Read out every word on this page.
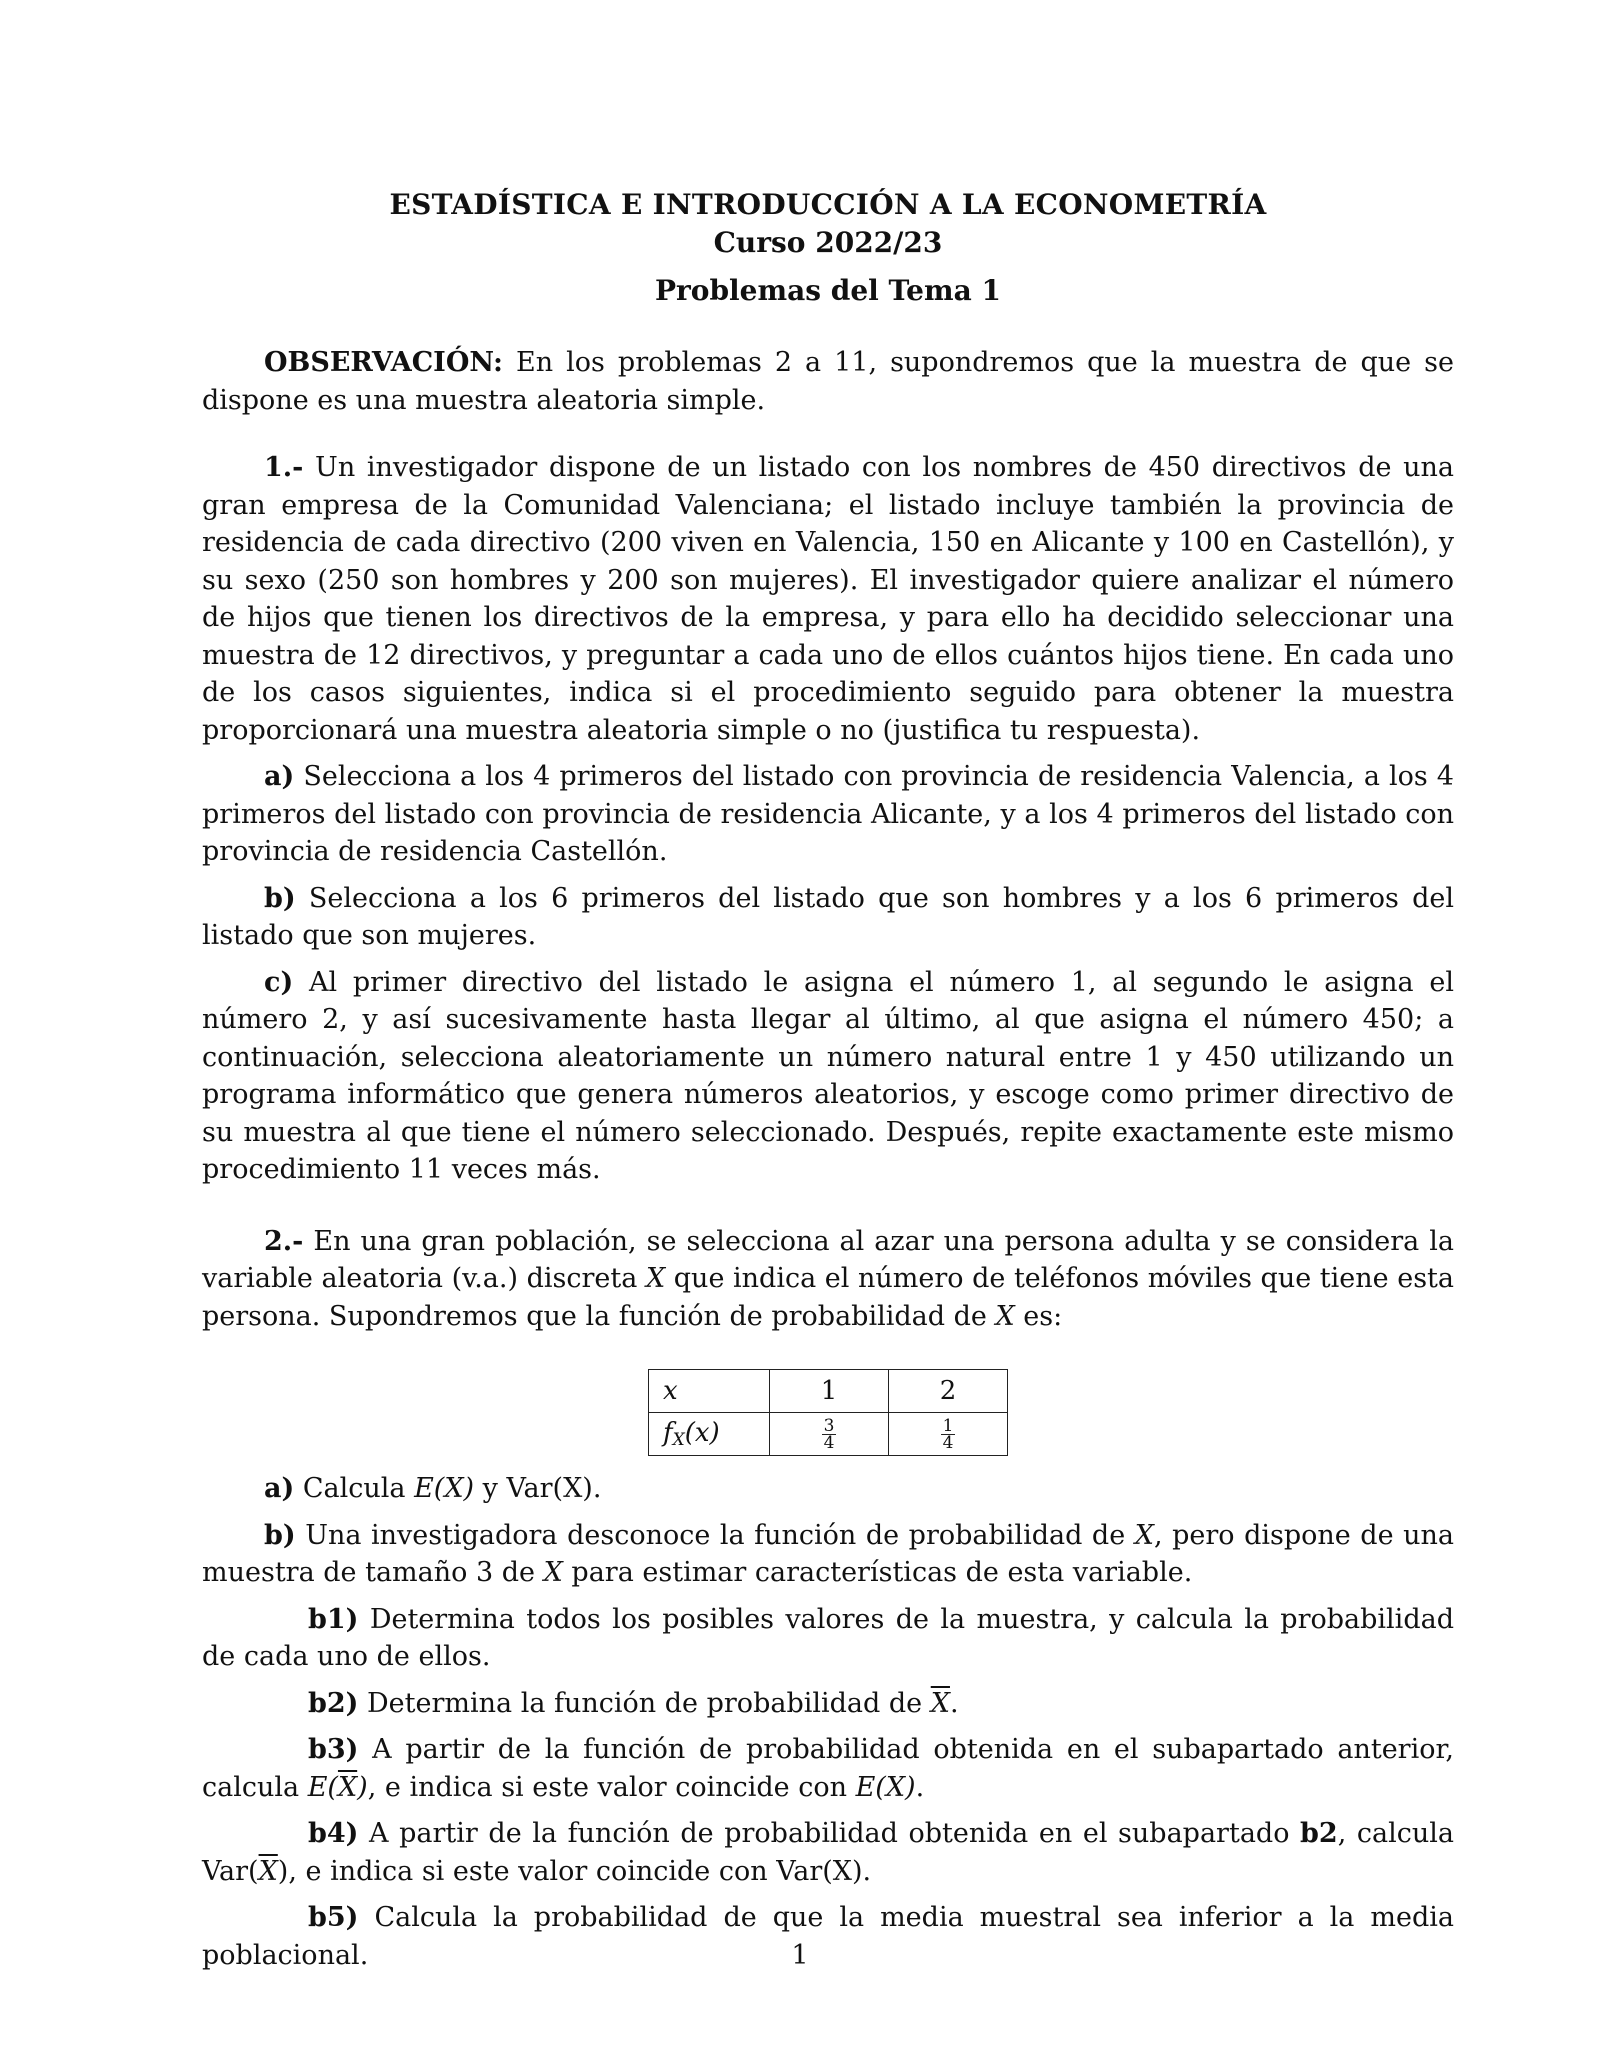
ESTADÍSTICA E INTRODUCCIÓN A LA ECONOMETRÍA

Curso 2022/23

Problemas del Tema 1

OBSERVACIÓN: En los problemas 2 a 11, supondremos que la muestra de que se dispone es una muestra aleatoria simple.

1.- Un investigador dispone de un listado con los nombres de 450 directivos de una gran empresa de la Comunidad Valenciana; el listado incluye también la provincia de residencia de cada directivo (200 viven en Valencia, 150 en Alicante y 100 en Castellón), y su sexo (250 son hombres y 200 son mujeres). El investigador quiere analizar el número de hijos que tienen los directivos de la empresa, y para ello ha decidido seleccionar una muestra de 12 directivos, y preguntar a cada uno de ellos cuántos hijos tiene. En cada uno de los casos siguientes, indica si el procedimiento seguido para obtener la muestra proporcionará una muestra aleatoria simple o no (justifica tu respuesta).

a) Selecciona a los 4 primeros del listado con provincia de residencia Valencia, a los 4 primeros del listado con provincia de residencia Alicante, y a los 4 primeros del listado con provincia de residencia Castellón.

b) Selecciona a los 6 primeros del listado que son hombres y a los 6 primeros del listado que son mujeres.

c) Al primer directivo del listado le asigna el número 1, al segundo le asigna el número 2, y así sucesivamente hasta llegar al último, al que asigna el número 450; a continuación, selecciona aleatoriamente un número natural entre 1 y 450 utilizando un programa informático que genera números aleatorios, y escoge como primer directivo de su muestra al que tiene el número seleccionado. Después, repite exactamente este mismo procedimiento 11 veces más.

2.- En una gran población, se selecciona al azar una persona adulta y se considera la variable aleatoria (v.a.) discreta X que indica el número de teléfonos móviles que tiene esta persona. Supondremos que la función de probabilidad de X es:

x	1	2
fX(x)	$\frac{3}{4}$	$\frac{1}{4}$

a) Calcula E(X) y Var(X).

b) Una investigadora desconoce la función de probabilidad de X, pero dispone de una muestra de tamaño 3 de X para estimar características de esta variable.

b1) Determina todos los posibles valores de la muestra, y calcula la probabilidad de cada uno de ellos.

b2) Determina la función de probabilidad de $\overline{X}$.

b3) A partir de la función de probabilidad obtenida en el subapartado anterior, calcula $E(\overline{X})$, e indica si este valor coincide con E(X).

b4) A partir de la función de probabilidad obtenida en el subapartado b2, calcula $Var(\overline{X})$, e indica si este valor coincide con Var(X).

b5) Calcula la probabilidad de que la media muestral sea inferior a la media poblacional.	1
